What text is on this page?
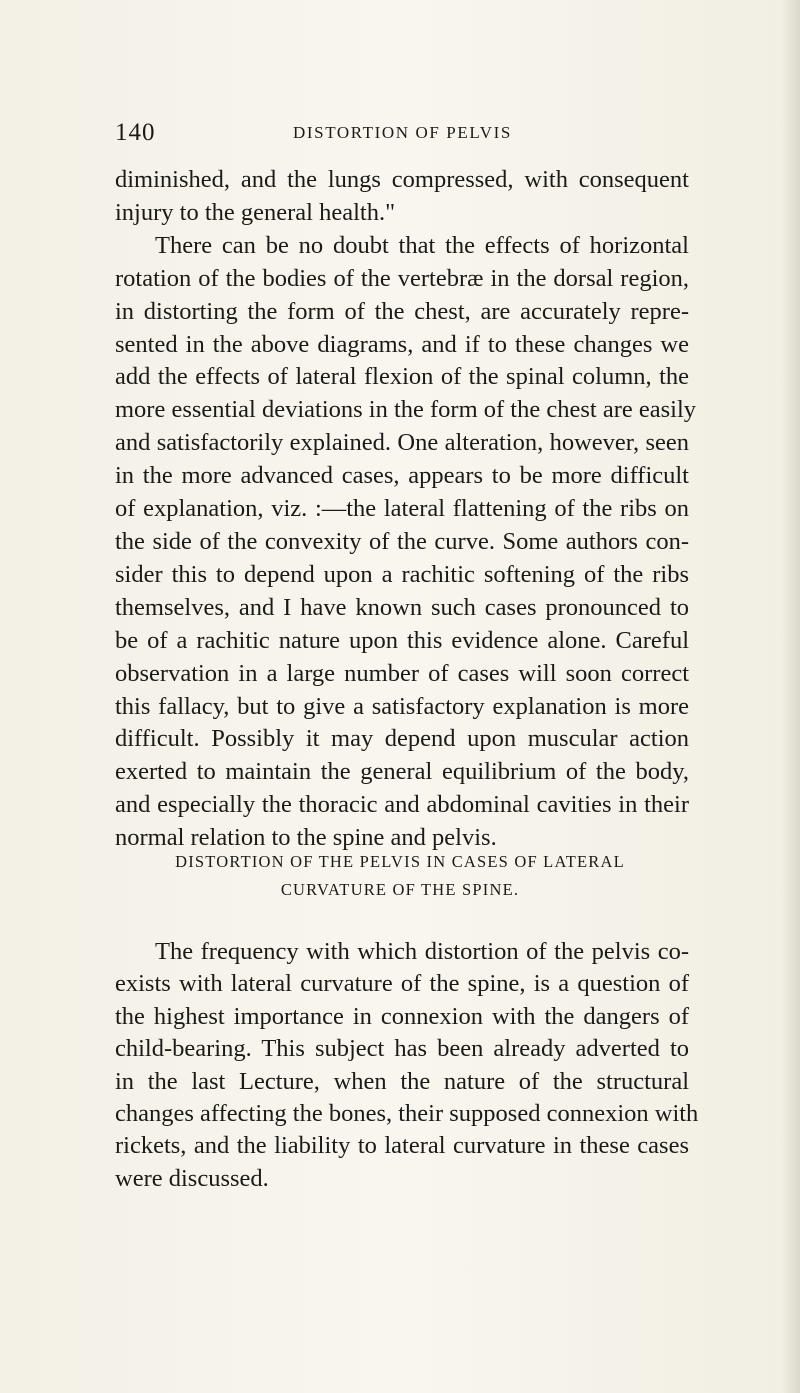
140	DISTORTION OF PELVIS

diminished, and the lungs compressed, with consequent
injury to the general health."

There can be no doubt that the effects of horizontal
rotation of the bodies of the vertebræ in the dorsal region,
in distorting the form of the chest, are accurately repre-
sented in the above diagrams, and if to these changes we
add the effects of lateral flexion of the spinal column, the
more essential deviations in the form of the chest are easily
and satisfactorily explained. One alteration, however, seen
in the more advanced cases, appears to be more difficult
of explanation, viz. :—the lateral flattening of the ribs on
the side of the convexity of the curve. Some authors con-
sider this to depend upon a rachitic softening of the ribs
themselves, and I have known such cases pronounced to
be of a rachitic nature upon this evidence alone. Careful
observation in a large number of cases will soon correct
this fallacy, but to give a satisfactory explanation is more
difficult. Possibly it may depend upon muscular action
exerted to maintain the general equilibrium of the body,
and especially the thoracic and abdominal cavities in their
normal relation to the spine and pelvis.

DISTORTION OF THE PELVIS IN CASES OF LATERAL
CURVATURE OF THE SPINE.

The frequency with which distortion of the pelvis co-
exists with lateral curvature of the spine, is a question of
the highest importance in connexion with the dangers of
child-bearing. This subject has been already adverted to
in the last Lecture, when the nature of the structural
changes affecting the bones, their supposed connexion with
rickets, and the liability to lateral curvature in these cases
were discussed.
